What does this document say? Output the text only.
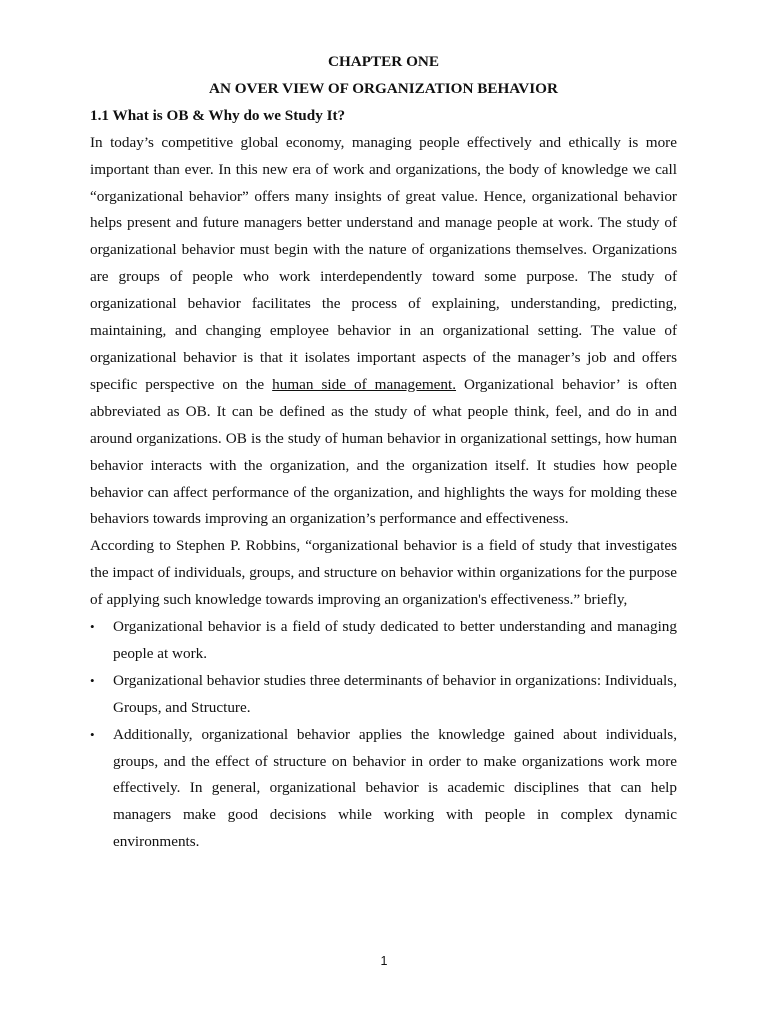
CHAPTER ONE
AN OVER VIEW OF ORGANIZATION BEHAVIOR
1.1 What is OB & Why do we Study It?

In today’s competitive global economy, managing people effectively and ethically is more important than ever. In this new era of work and organizations, the body of knowledge we call “organizational behavior” offers many insights of great value. Hence, organizational behavior helps present and future managers better understand and manage people at work. The study of organizational behavior must begin with the nature of organizations themselves. Organizations are groups of people who work interdependently toward some purpose. The study of organizational behavior facilitates the process of explaining, understanding, predicting, maintaining, and changing employee behavior in an organizational setting. The value of organizational behavior is that it isolates important aspects of the manager’s job and offers specific perspective on the human side of management. Organizational behavior’ is often abbreviated as OB. It can be defined as the study of what people think, feel, and do in and around organizations. OB is the study of human behavior in organizational settings, how human behavior interacts with the organization, and the organization itself. It studies how people behavior can affect performance of the organization, and highlights the ways for molding these behaviors towards improving an organization’s performance and effectiveness.

According to Stephen P. Robbins, “organizational behavior is a field of study that investigates the impact of individuals, groups, and structure on behavior within organizations for the purpose of applying such knowledge towards improving an organization's effectiveness.” briefly,

• Organizational behavior is a field of study dedicated to better understanding and managing people at work.
• Organizational behavior studies three determinants of behavior in organizations: Individuals, Groups, and Structure.
• Additionally, organizational behavior applies the knowledge gained about individuals, groups, and the effect of structure on behavior in order to make organizations work more effectively. In general, organizational behavior is academic disciplines that can help managers make good decisions while working with people in complex dynamic environments.
1
